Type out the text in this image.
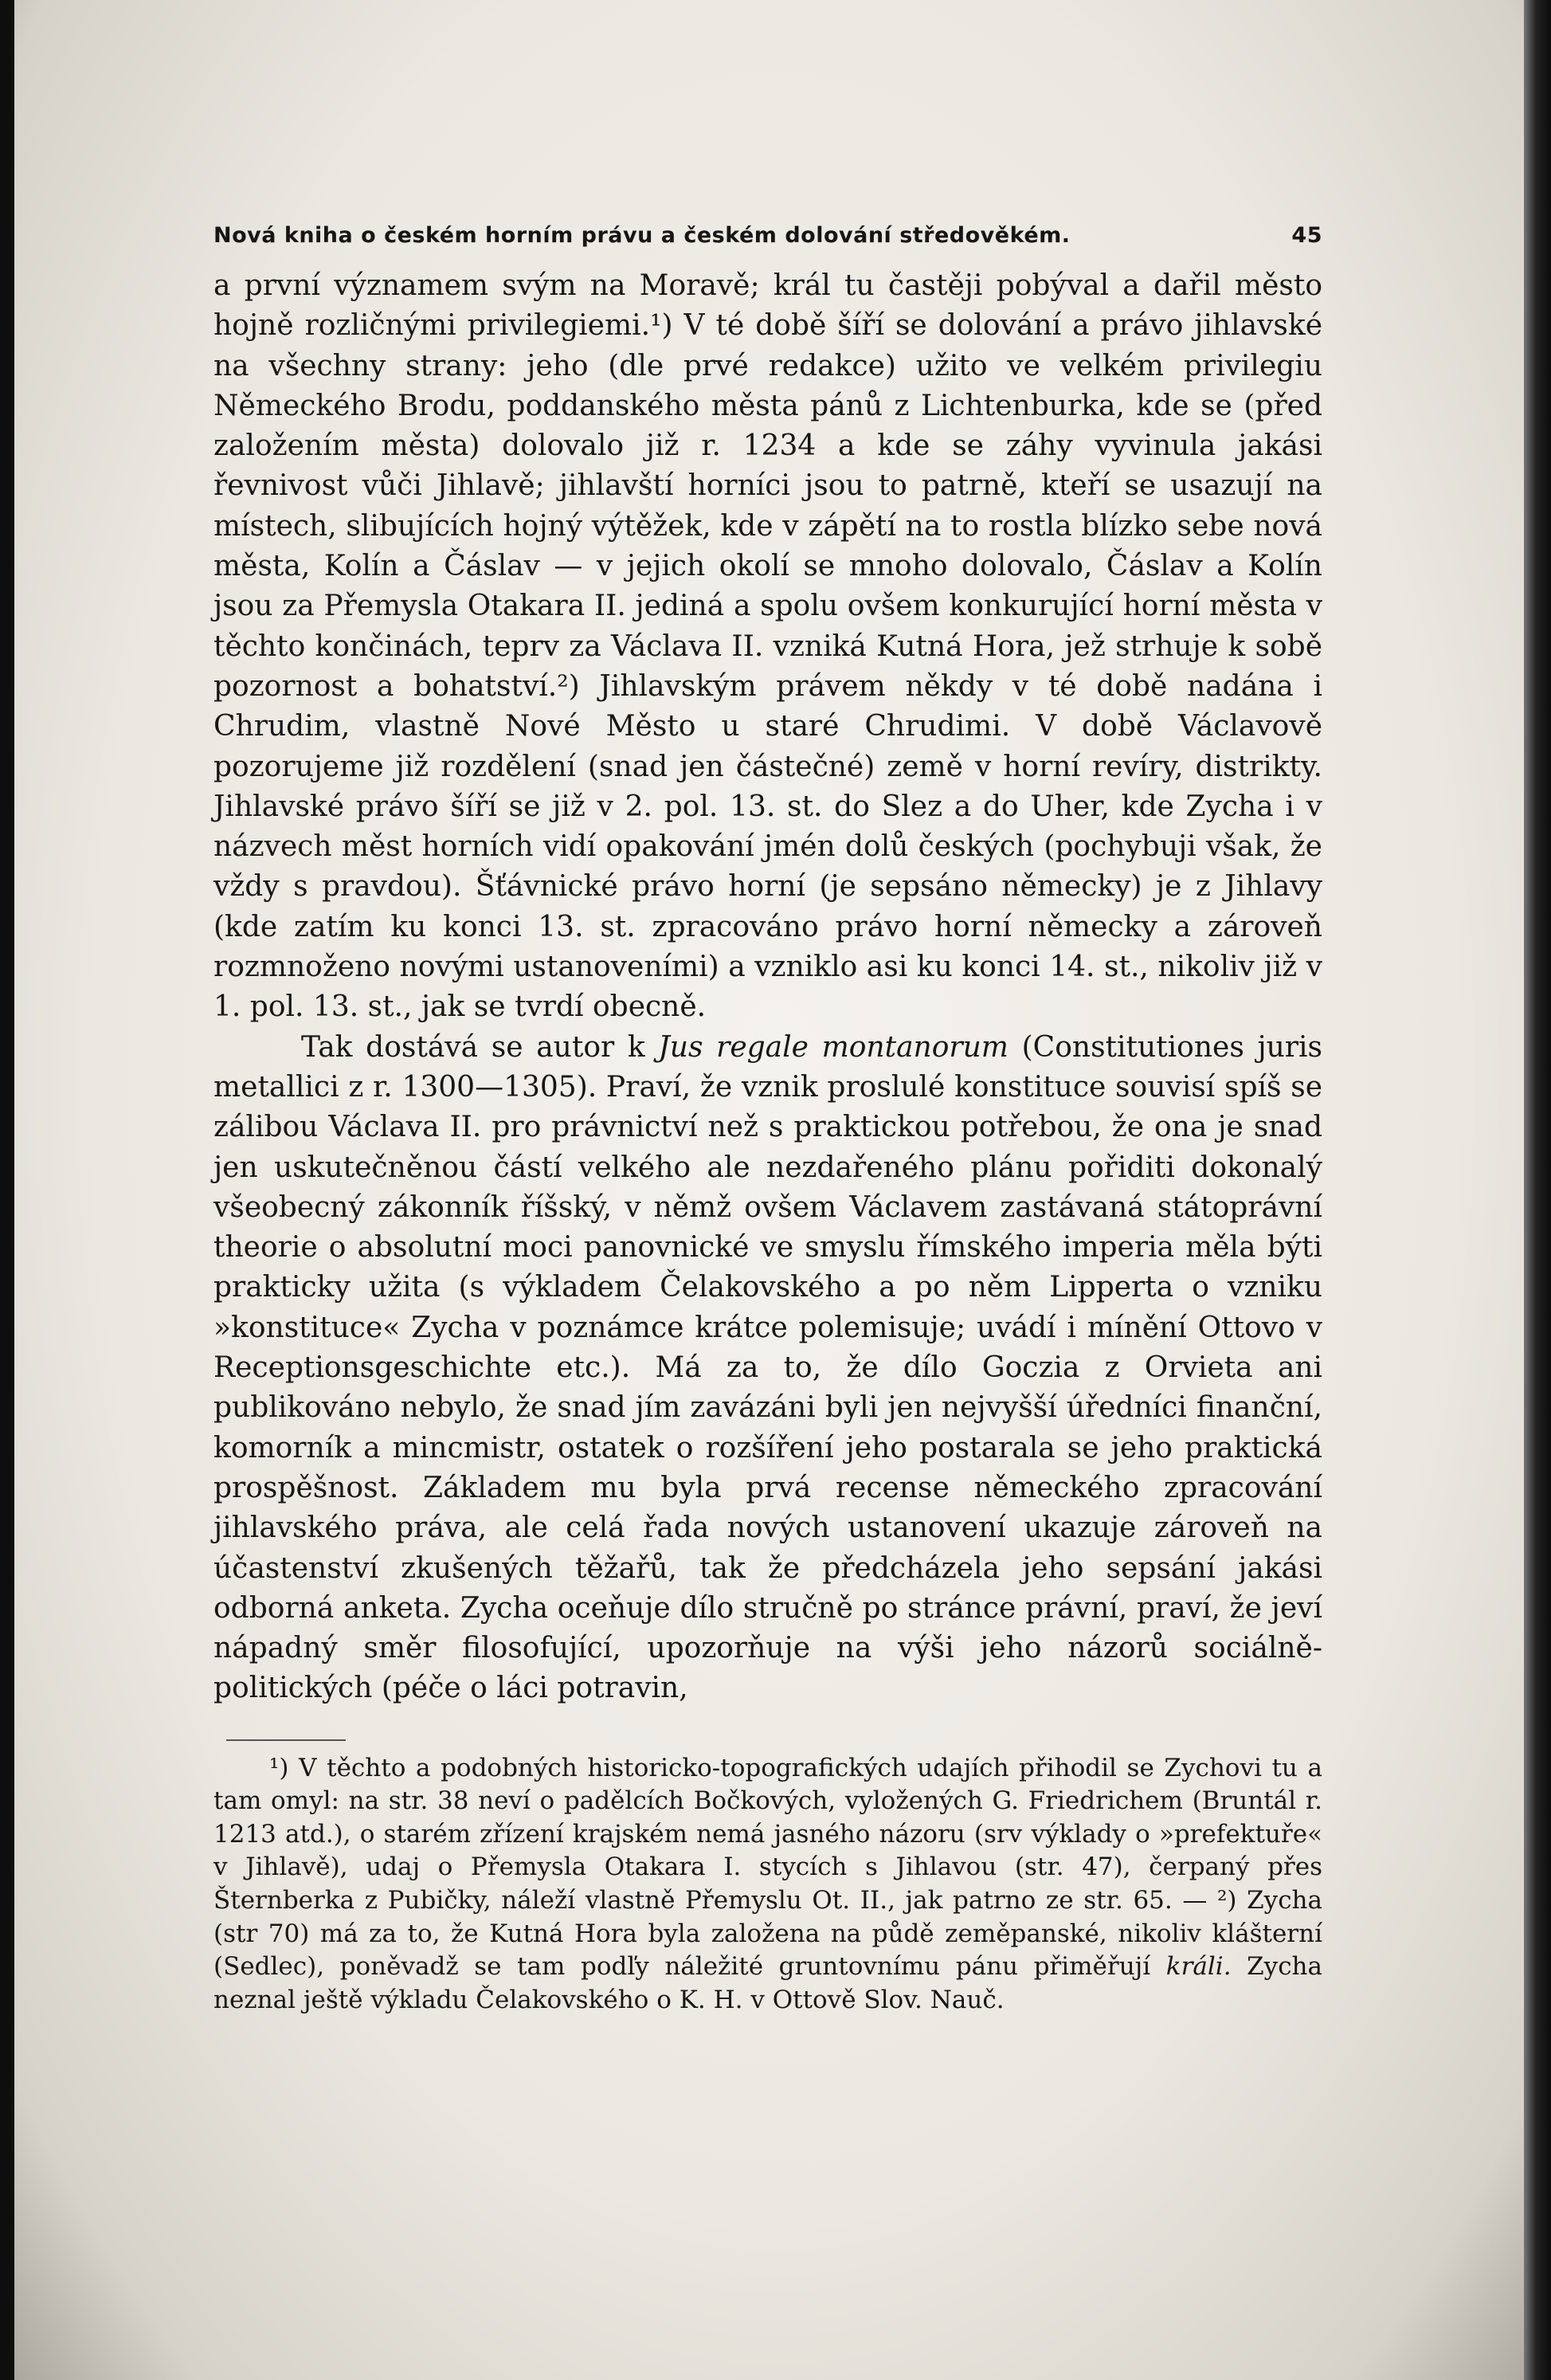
Nová kniha o českém horním právu a českém dolování středověkém.	45

a první významem svým na Moravě; král tu častěji pobýval a dařil město hojně rozličnými privilegiemi.¹) V té době šíří se dolování a právo jihlavské na všechny strany: jeho (dle prvé redakce) užito ve velkém privilegiu Německého Brodu, poddanského města pánů z Lichtenburka, kde se (před založením města) dolovalo již r. 1234 a kde se záhy vyvinula jakási řevnivost vůči Jihlavě; jihlavští horníci jsou to patrně, kteří se usazují na místech, slibujících hojný výtěžek, kde v zápětí na to rostla blízko sebe nová města, Kolín a Čáslav — v jejich okolí se mnoho dolovalo, Čáslav a Kolín jsou za Přemysla Otakara II. jediná a spolu ovšem konkurující horní města v těchto končinách, teprv za Václava II. vzniká Kutná Hora, jež strhuje k sobě pozornost a bohatství.²) Jihlavským právem někdy v té době nadána i Chrudim, vlastně Nové Město u staré Chrudimi. V době Václavově pozorujeme již rozdělení (snad jen částečné) země v horní revíry, distrikty. Jihlavské právo šíří se již v 2. pol. 13. st. do Slez a do Uher, kde Zycha i v názvech měst horních vidí opakování jmén dolů českých (pochybuji však, že vždy s pravdou). Šťávnické právo horní (je sepsáno německy) je z Jihlavy (kde zatím ku konci 13. st. zpracováno právo horní německy a zároveň rozmnoženo novými ustanoveními) a vzniklo asi ku konci 14. st., nikoliv již v 1. pol. 13. st., jak se tvrdí obecně.

Tak dostává se autor k Jus regale montanorum (Constitutiones juris metallici z r. 1300—1305). Praví, že vznik proslulé konstituce souvisí spíš se zálibou Václava II. pro právnictví než s praktickou potřebou, že ona je snad jen uskutečněnou částí velkého ale nezdařeného plánu pořiditi dokonalý všeobecný zákonník říšský, v němž ovšem Václavem zastávaná státoprávní theorie o absolutní moci panovnické ve smyslu římského imperia měla býti prakticky užita (s výkladem Čelakovského a po něm Lipperta o vzniku »konstituce« Zycha v poznámce krátce polemisuje; uvádí i mínění Ottovo v Receptionsgeschichte etc.). Má za to, že dílo Goczia z Orvieta ani publikováno nebylo, že snad jím zavázáni byli jen nejvyšší úředníci finanční, komorník a mincmistr, ostatek o rozšíření jeho postarala se jeho praktická prospěšnost. Základem mu byla prvá recense německého zpracování jihlavského práva, ale celá řada nových ustanovení ukazuje zároveň na účastenství zkušených těžařů, tak že předcházela jeho sepsání jakási odborná anketa. Zycha oceňuje dílo stručně po stránce právní, praví, že jeví nápadný směr filosofující, upozorňuje na výši jeho názorů sociálně-politických (péče o láci potravin,

¹) V těchto a podobných historicko-topografických udajích přihodil se Zychovi tu a tam omyl: na str. 38 neví o padělcích Bočkových, vyložených G. Friedrichem (Bruntál r. 1213 atd.), o starém zřízení krajském nemá jasného názoru (srv výklady o »prefektuře« v Jihlavě), udaj o Přemysla Otakara I. stycích s Jihlavou (str. 47), čerpaný přes Šternberka z Pubičky, náleží vlastně Přemyslu Ot. II., jak patrno ze str. 65. — ²) Zycha (str 70) má za to, že Kutná Hora byla založena na půdě zeměpanské, nikoliv klášterní (Sedlec), poněvadž se tam podľy náležité gruntovnímu pánu přiměřují králi. Zycha neznal ještě výkladu Čelakovského o K. H. v Ottově Slov. Nauč.
